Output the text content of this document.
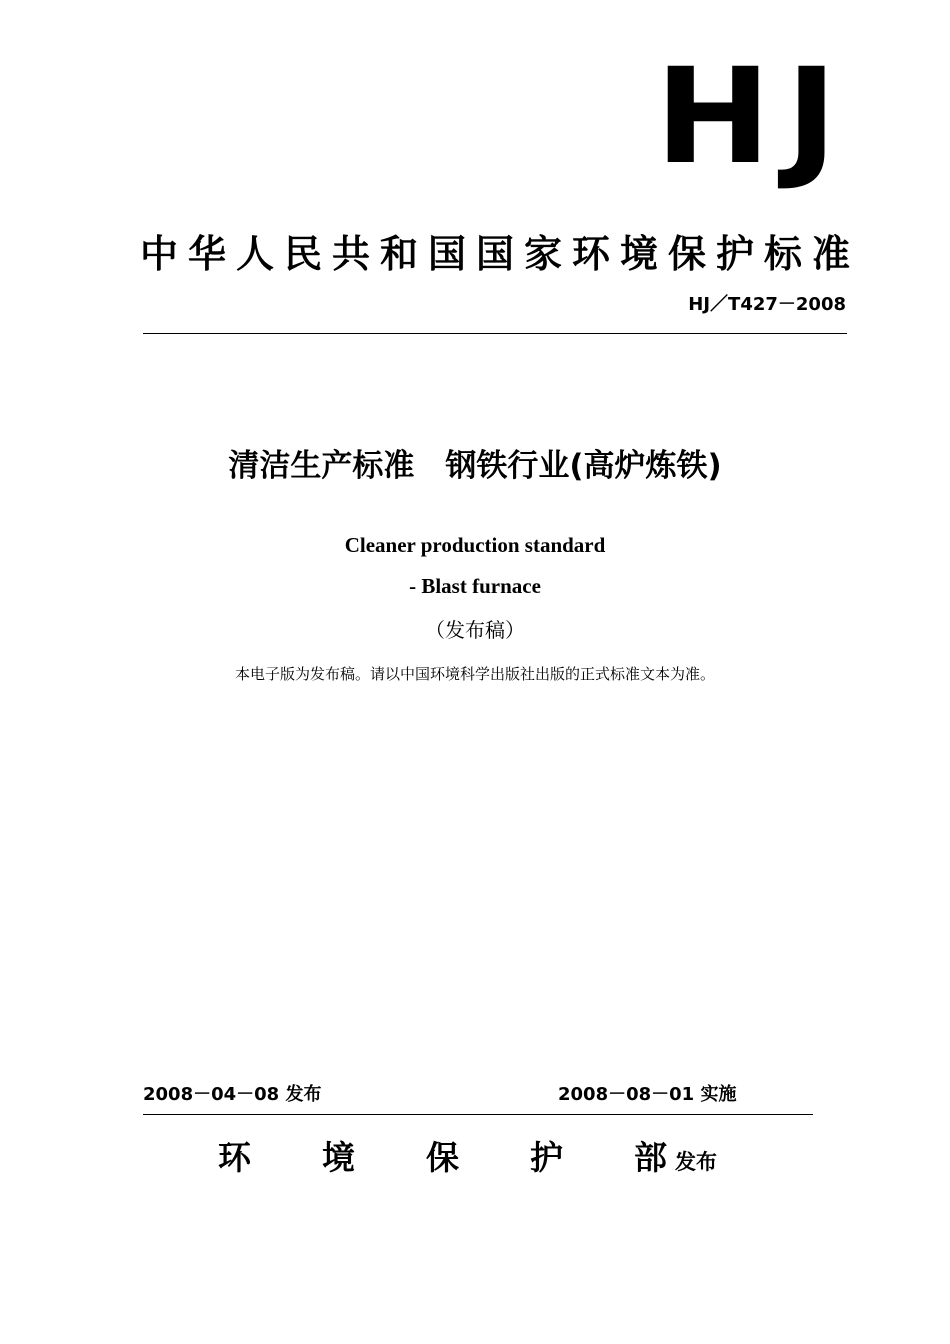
HJ
中华人民共和国国家环境保护标准
HJ／T427－2008
清洁生产标准　钢铁行业(高炉炼铁)
Cleaner production standard
- Blast furnace
（发布稿）
本电子版为发布稿。请以中国环境科学出版社出版的正式标准文本为准。
2008－04－08 发布	2008－08－01 实施
环 境 保 护 部 发布
